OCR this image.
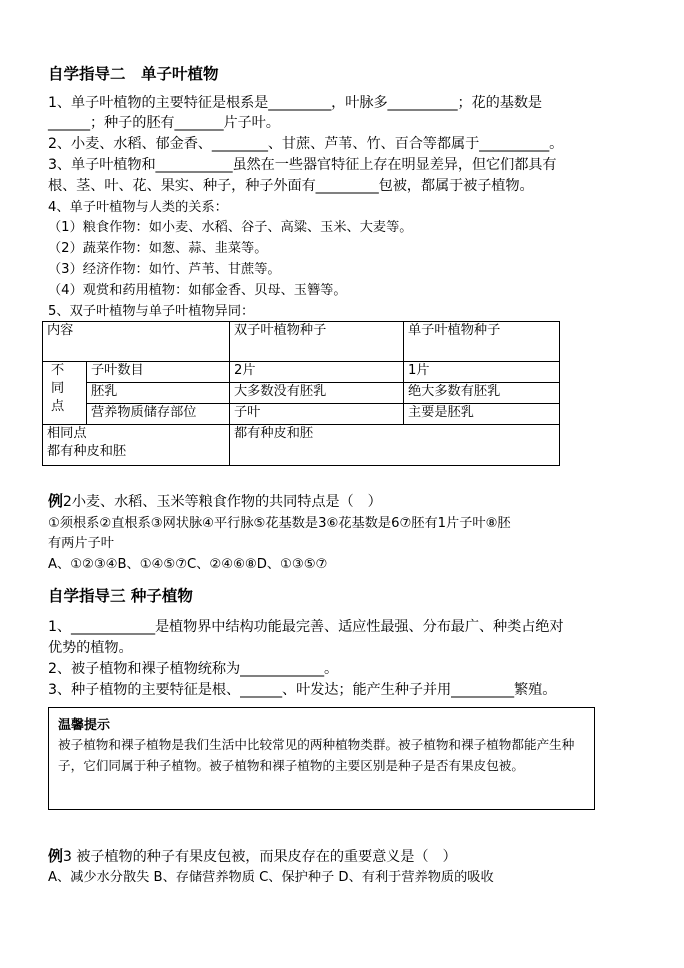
自学指导二　单子叶植物
1、单子叶植物的主要特征是根系是_________，叶脉多__________；花的基数是
______；种子的胚有_______片子叶。
2、小麦、水稻、郁金香、________、甘蔗、芦苇、竹、百合等都属于__________。
3、单子叶植物和___________虽然在一些器官特征上存在明显差异，但它们都具有
根、茎、叶、花、果实、种子，种子外面有_________包被，都属于被子植物。
4、单子叶植物与人类的关系：
（1）粮食作物：如小麦、水稻、谷子、高粱、玉米、大麦等。
（2）蔬菜作物：如葱、蒜、韭菜等。
（3）经济作物：如竹、芦苇、甘蔗等。
（4）观赏和药用植物：如郁金香、贝母、玉簪等。
5、双子叶植物与单子叶植物异同：
内容		双子叶植物种子	单子叶植物种子

不
同
点	子叶数目	2片	1片
	胚乳	大多数没有胚乳	绝大多数有胚乳
	营养物质储存部位	子叶	主要是胚乳

相同点
都有种皮和胚		都有种皮和胚	
例2小麦、水稻、玉米等粮食作物的共同特点是（　）
①须根系②直根系③网状脉④平行脉⑤花基数是3⑥花基数是6⑦胚有1片子叶⑧胚
有两片子叶
A、①②③④B、①④⑤⑦C、②④⑥⑧D、①③⑤⑦
自学指导三 种子植物
1、____________是植物界中结构功能最完善、适应性最强、分布最广、种类占绝对
优势的植物。
2、被子植物和裸子植物统称为____________。
3、种子植物的主要特征是根、______、叶发达；能产生种子并用_________繁殖。
温馨提示
被子植物和裸子植物是我们生活中比较常见的两种植物类群。被子植物和裸子植物都能产生种子，它们同属于种子植物。被子植物和裸子植物的主要区别是种子是否有果皮包被。
例3 被子植物的种子有果皮包被，而果皮存在的重要意义是（　）
A、减少水分散失 B、存储营养物质 C、保护种子 D、有利于营养物质的吸收
